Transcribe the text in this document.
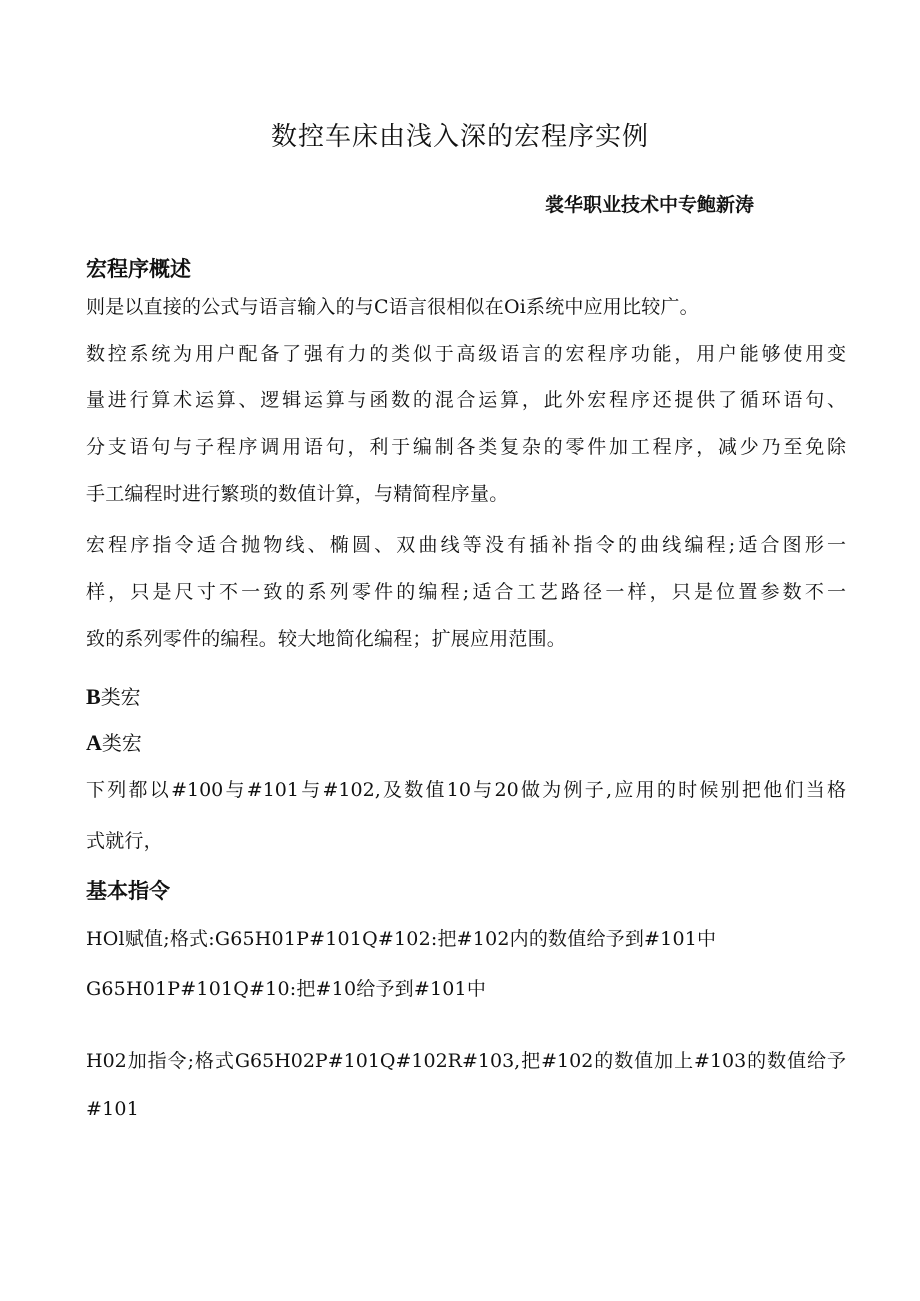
数控车床由浅入深的宏程序实例
裳华职业技术中专鲍新涛
宏程序概述
则是以直接的公式与语言输入的与C语言很相似在Oi系统中应用比较广。
数控系统为用户配备了强有力的类似于高级语言的宏程序功能，用户能够使用变
量进行算术运算、逻辑运算与函数的混合运算，此外宏程序还提供了循环语句、
分支语句与子程序调用语句，利于编制各类复杂的零件加工程序，减少乃至免除
手工编程时进行繁琐的数值计算，与精简程序量。
宏程序指令适合抛物线、椭圆、双曲线等没有插补指令的曲线编程;适合图形一
样，只是尺寸不一致的系列零件的编程;适合工艺路径一样，只是位置参数不一
致的系列零件的编程。较大地简化编程；扩展应用范围。
B类宏
A类宏
下列都以#100与#101与#102,及数值10与20做为例子,应用的时候别把他们当格
式就行，
基本指令
HOl赋值;格式:G65H01P#101Q#102:把#102内的数值给予到#101中
G65H01P#101Q#10:把#10给予到#101中
H02加指令;格式G65H02P#101Q#102R#103,把#102的数值加上#103的数值给予
#101
